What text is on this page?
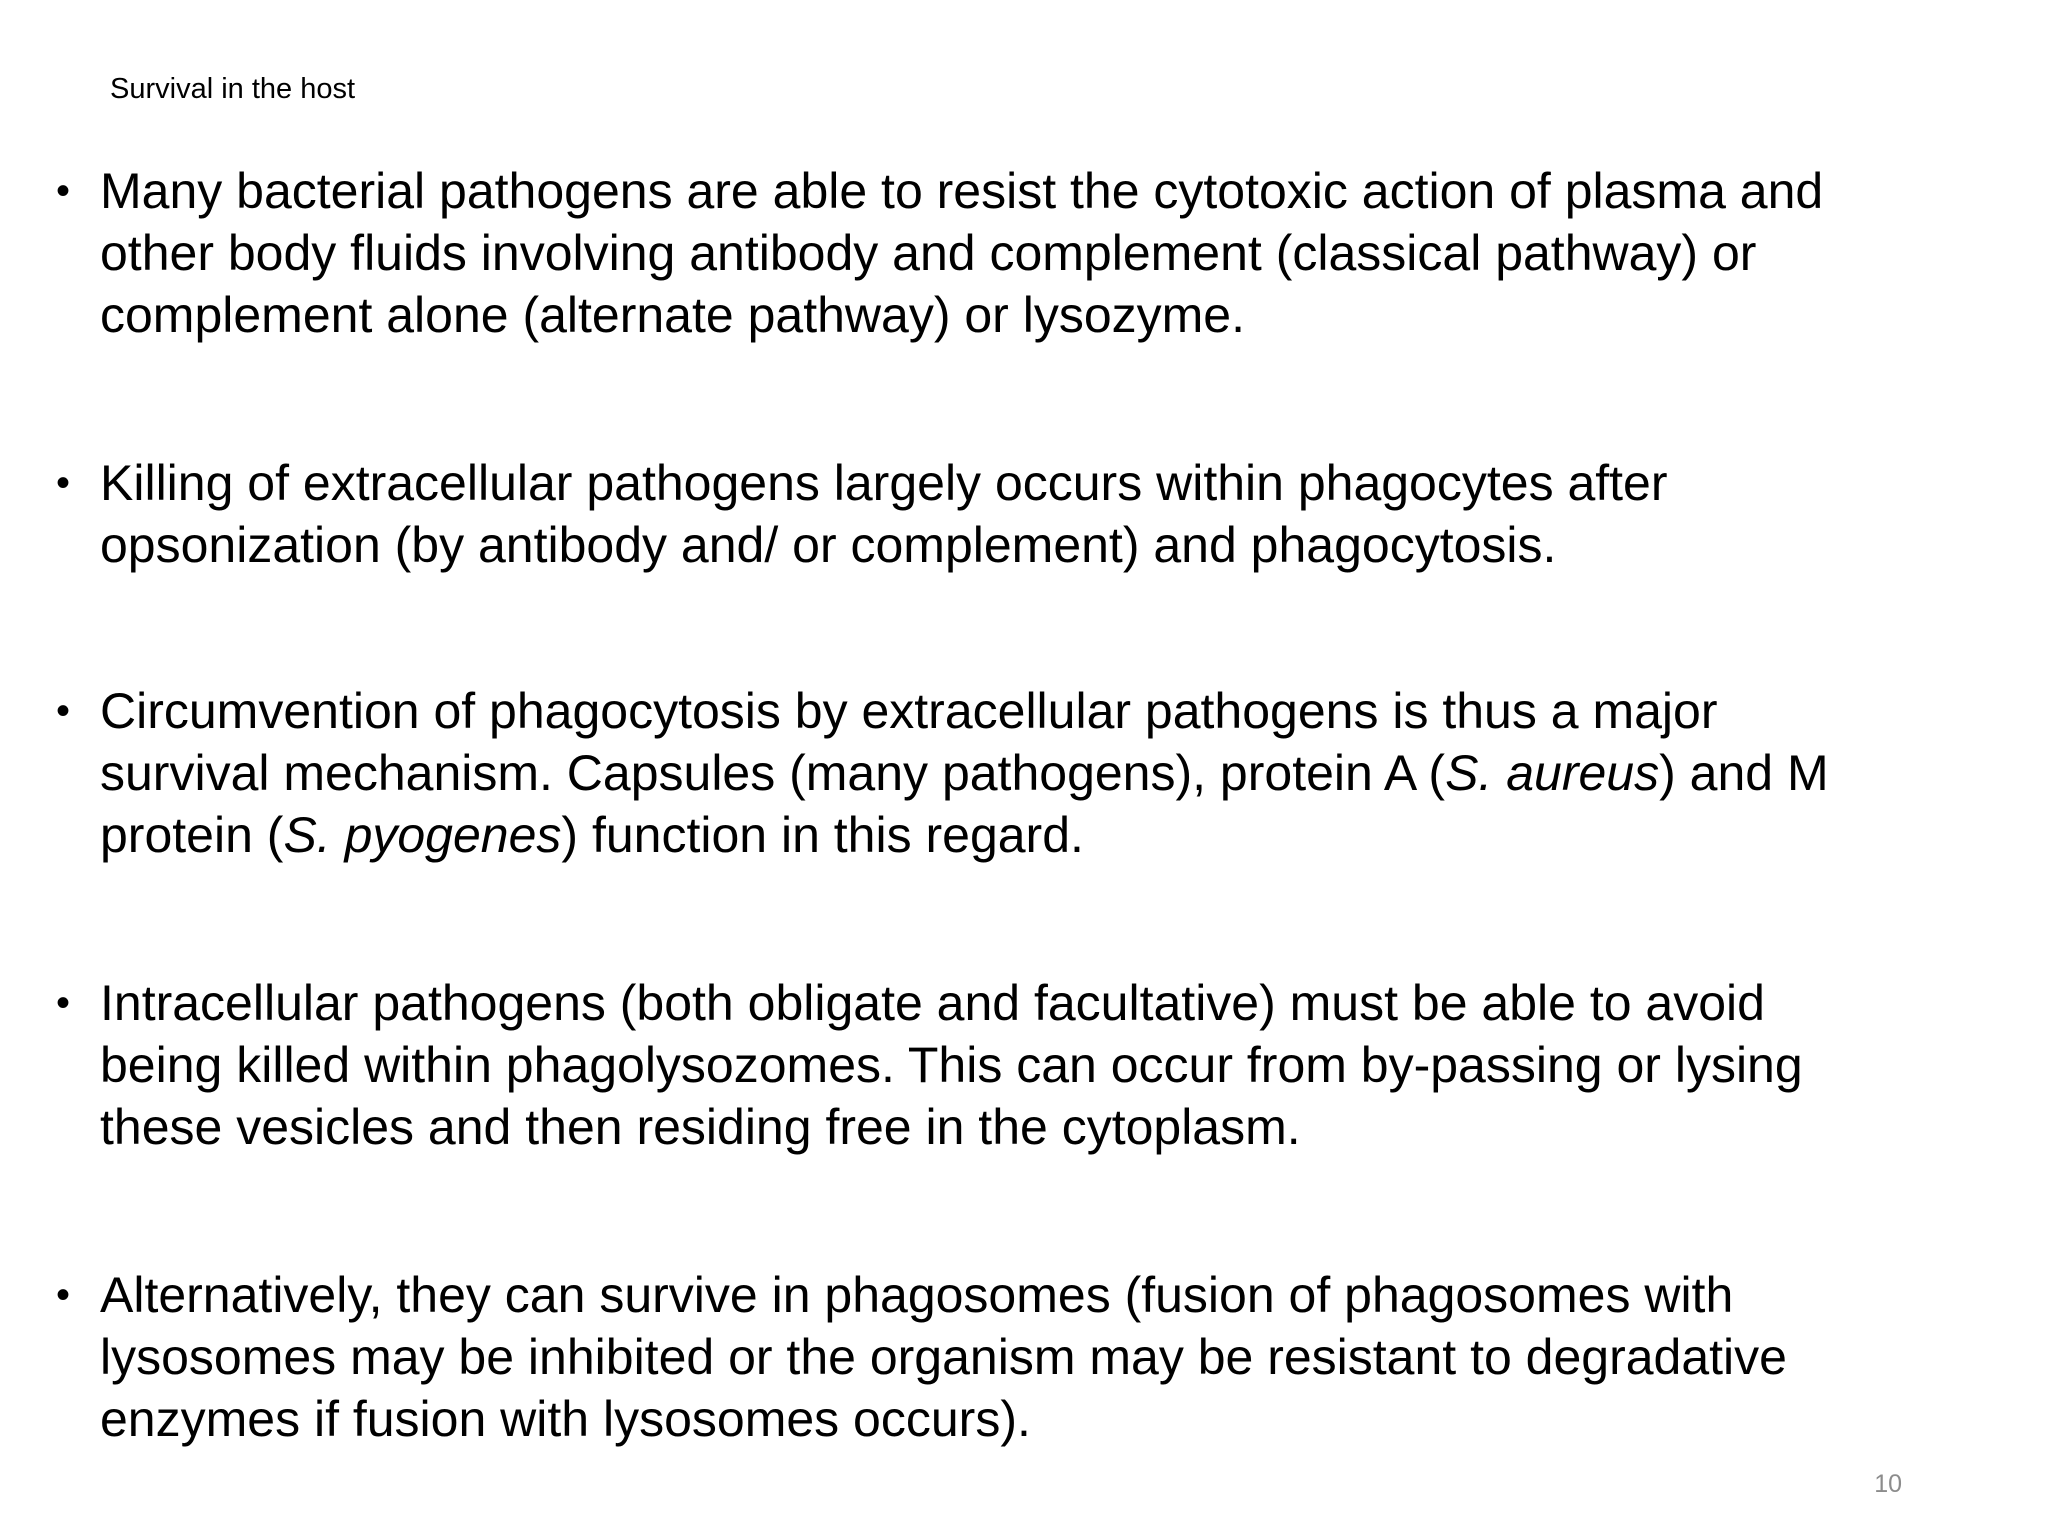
Survival in the host
• Many bacterial pathogens are able to resist the cytotoxic action of plasma and
other body fluids involving antibody and complement (classical pathway) or
complement alone (alternate pathway) or lysozyme.
• Killing of extracellular pathogens largely occurs within phagocytes after
opsonization (by antibody and/ or complement) and phagocytosis.
• Circumvention of phagocytosis by extracellular pathogens is thus a major
survival mechanism. Capsules (many pathogens), protein A (S. aureus) and M
protein (S. pyogenes) function in this regard.
• Intracellular pathogens (both obligate and facultative) must be able to avoid
being killed within phagolysozomes. This can occur from by-passing or lysing
these vesicles and then residing free in the cytoplasm.
• Alternatively, they can survive in phagosomes (fusion of phagosomes with
lysosomes may be inhibited or the organism may be resistant to degradative
enzymes if fusion with lysosomes occurs).
10
